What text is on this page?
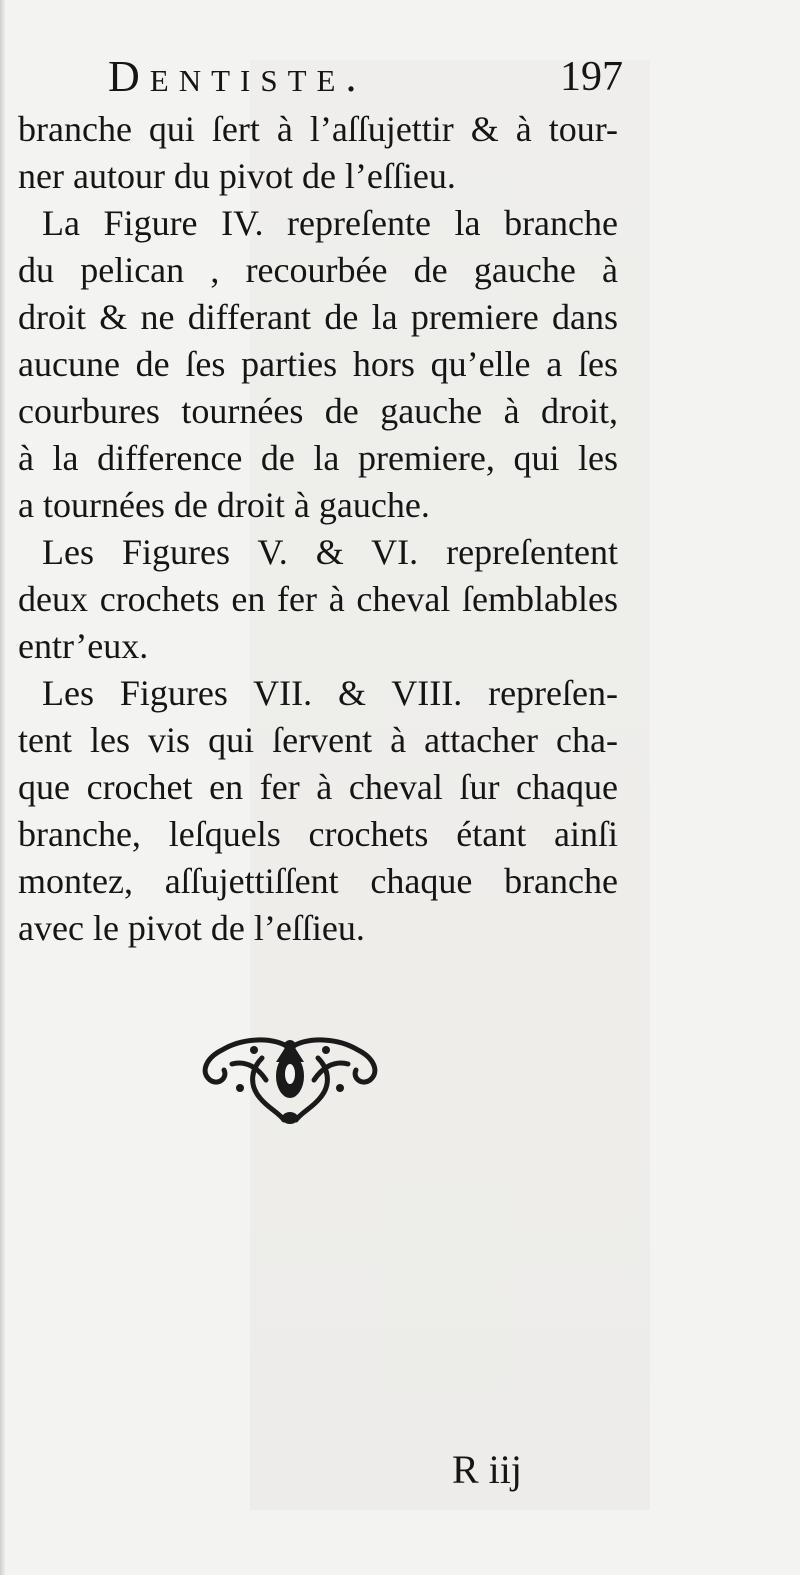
Dentiste.	197
branche qui ſert à l’aſſujettir & à tour-
ner autour du pivot de l’eſſieu.
La Figure IV. repreſente la branche
du pelican , recourbée de gauche à
droit & ne differant de la premiere dans
aucune de ſes parties hors qu’elle a ſes
courbures tournées de gauche à droit,
à la difference de la premiere, qui les
a tournées de droit à gauche.
Les Figures V. & VI. repreſentent
deux crochets en fer à cheval ſemblables
entr’eux.
Les Figures VII. & VIII. repreſen-
tent les vis qui ſervent à attacher cha-
que crochet en fer à cheval ſur chaque
branche, leſquels crochets étant ainſi
montez, aſſujettiſſent chaque branche
avec le pivot de l’eſſieu.
R iij
